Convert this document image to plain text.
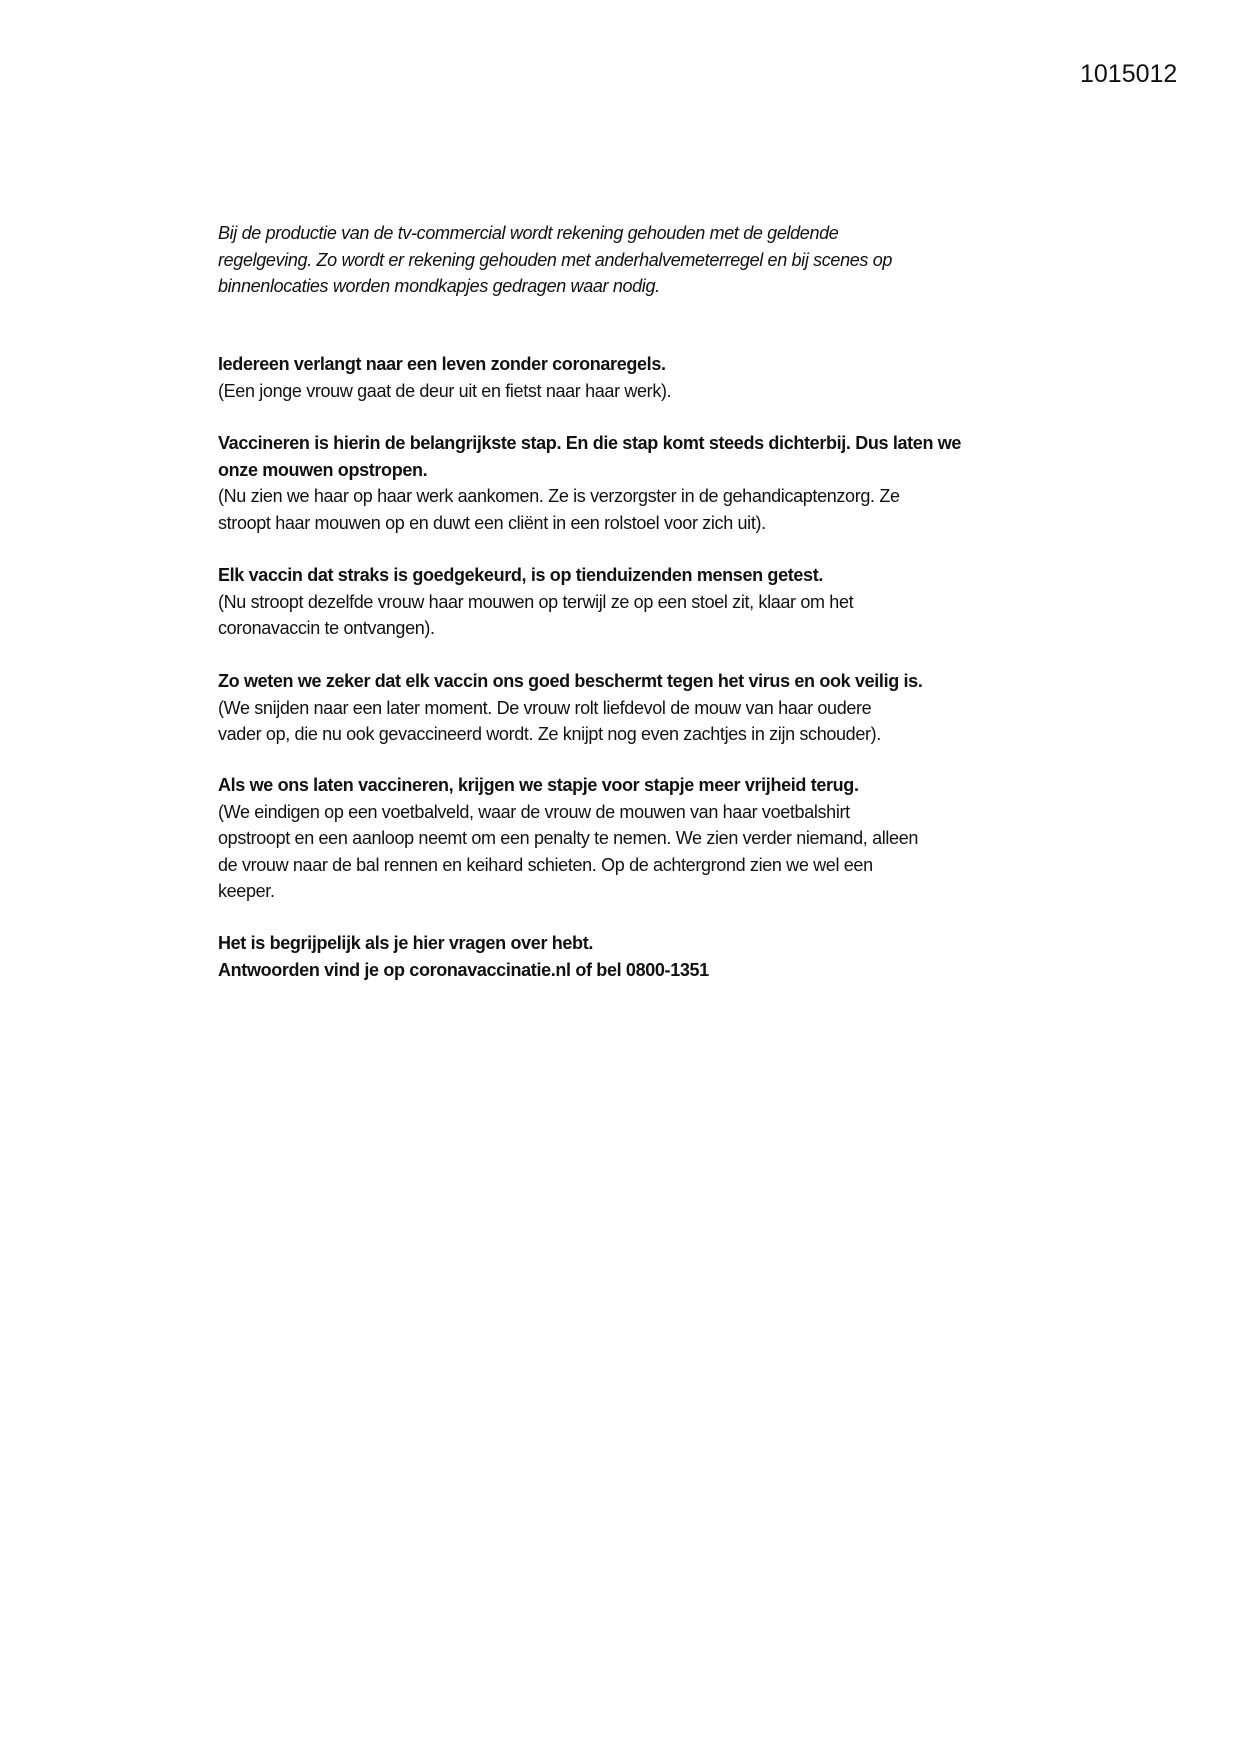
1015012
Bij de productie van de tv-commercial wordt rekening gehouden met de geldende
regelgeving. Zo wordt er rekening gehouden met anderhalvemeterregel en bij scenes op
binnenlocaties worden mondkapjes gedragen waar nodig.
Iedereen verlangt naar een leven zonder coronaregels.
(Een jonge vrouw gaat de deur uit en fietst naar haar werk).
Vaccineren is hierin de belangrijkste stap. En die stap komt steeds dichterbij. Dus laten we
onze mouwen opstropen.
(Nu zien we haar op haar werk aankomen. Ze is verzorgster in de gehandicaptenzorg. Ze
stroopt haar mouwen op en duwt een cliënt in een rolstoel voor zich uit).
Elk vaccin dat straks is goedgekeurd, is op tienduizenden mensen getest.
(Nu stroopt dezelfde vrouw haar mouwen op terwijl ze op een stoel zit, klaar om het
coronavaccin te ontvangen).
Zo weten we zeker dat elk vaccin ons goed beschermt tegen het virus en ook veilig is.
(We snijden naar een later moment. De vrouw rolt liefdevol de mouw van haar oudere
vader op, die nu ook gevaccineerd wordt. Ze knijpt nog even zachtjes in zijn schouder).
Als we ons laten vaccineren, krijgen we stapje voor stapje meer vrijheid terug.
(We eindigen op een voetbalveld, waar de vrouw de mouwen van haar voetbalshirt
opstroopt en een aanloop neemt om een penalty te nemen. We zien verder niemand, alleen
de vrouw naar de bal rennen en keihard schieten. Op de achtergrond zien we wel een
keeper.
Het is begrijpelijk als je hier vragen over hebt.
Antwoorden vind je op coronavaccinatie.nl of bel 0800-1351
